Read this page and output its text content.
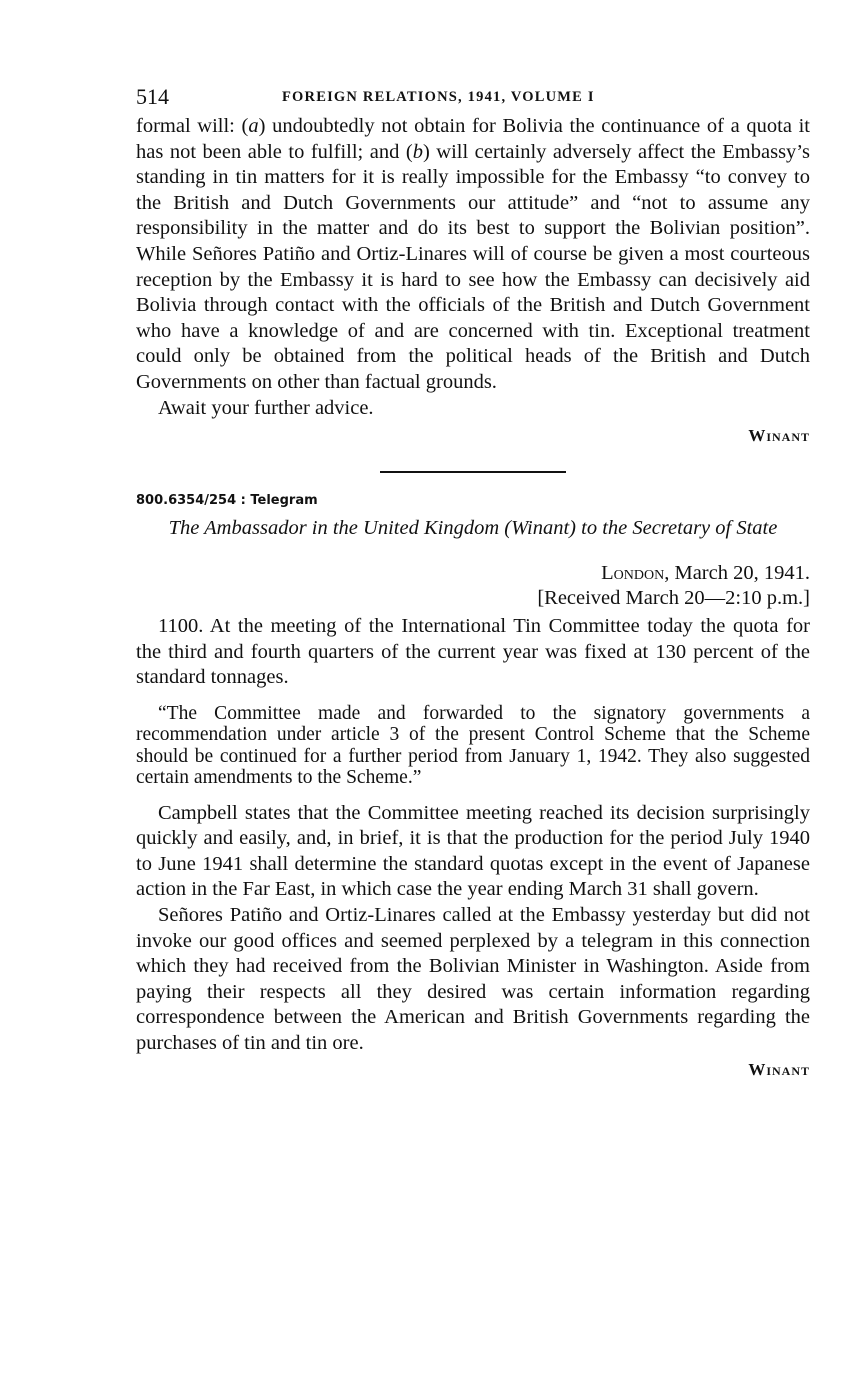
514	FOREIGN RELATIONS, 1941, VOLUME I

formal will: (a) undoubtedly not obtain for Bolivia the continuance of a quota it has not been able to fulfill; and (b) will certainly adversely affect the Embassy’s standing in tin matters for it is really impossible for the Embassy “to convey to the British and Dutch Governments our attitude” and “not to assume any responsibility in the matter and do its best to support the Bolivian position”. While Señores Patiño and Ortiz-Linares will of course be given a most courteous reception by the Embassy it is hard to see how the Embassy can decisively aid Bolivia through contact with the officials of the British and Dutch Government who have a knowledge of and are concerned with tin. Exceptional treatment could only be obtained from the political heads of the British and Dutch Governments on other than factual grounds.

Await your further advice.

Winant

800.6354/254 : Telegram
The Ambassador in the United Kingdom (Winant) to the Secretary of State
London, March 20, 1941.
[Received March 20—2:10 p.m.]

1100. At the meeting of the International Tin Committee today the quota for the third and fourth quarters of the current year was fixed at 130 percent of the standard tonnages.

“The Committee made and forwarded to the signatory governments a recommendation under article 3 of the present Control Scheme that the Scheme should be continued for a further period from January 1, 1942. They also suggested certain amendments to the Scheme.”

Campbell states that the Committee meeting reached its decision surprisingly quickly and easily, and, in brief, it is that the production for the period July 1940 to June 1941 shall determine the standard quotas except in the event of Japanese action in the Far East, in which case the year ending March 31 shall govern.

Señores Patiño and Ortiz-Linares called at the Embassy yesterday but did not invoke our good offices and seemed perplexed by a telegram in this connection which they had received from the Bolivian Minister in Washington. Aside from paying their respects all they desired was certain information regarding correspondence between the American and British Governments regarding the purchases of tin and tin ore.

Winant
